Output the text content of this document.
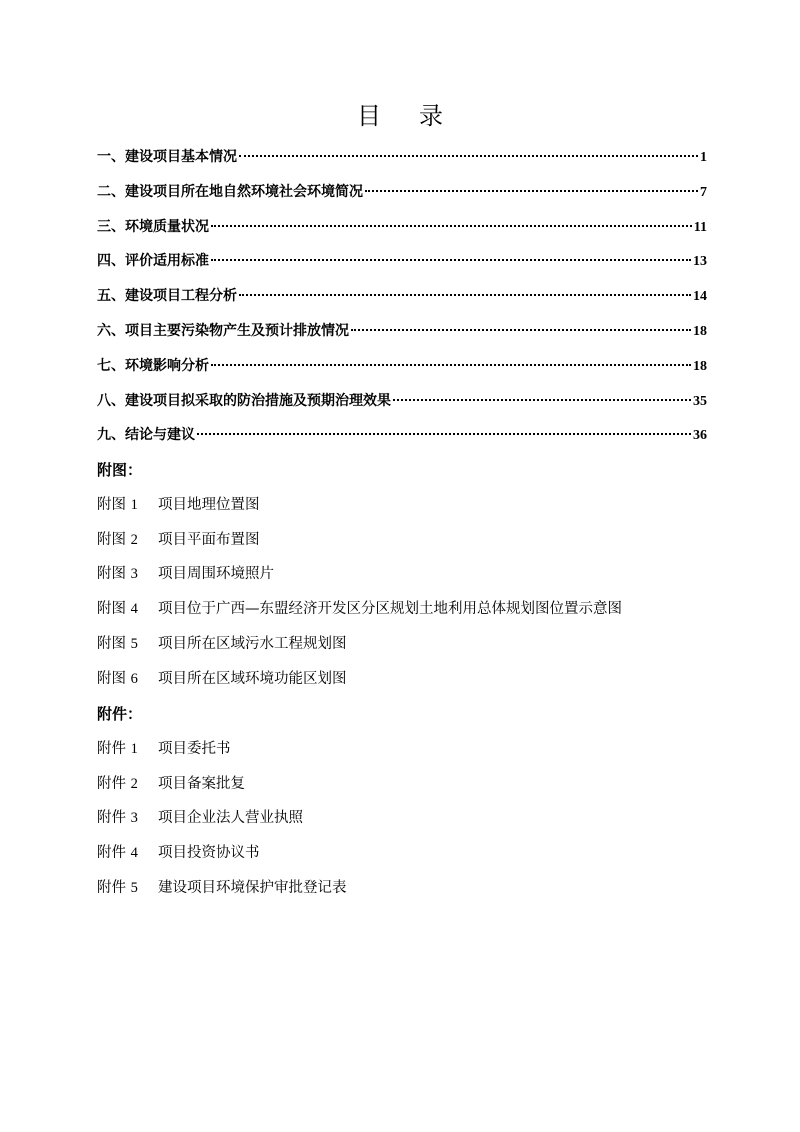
目 录
一、建设项目基本情况	1
二、建设项目所在地自然环境社会环境简况	7
三、环境质量状况	11
四、评价适用标准	13
五、建设项目工程分析	14
六、项目主要污染物产生及预计排放情况	18
七、环境影响分析	18
八、建设项目拟采取的防治措施及预期治理效果	35
九、结论与建议	36
附图：
附图 1 项目地理位置图
附图 2 项目平面布置图
附图 3 项目周围环境照片
附图 4 项目位于广西—东盟经济开发区分区规划土地利用总体规划图位置示意图
附图 5 项目所在区域污水工程规划图
附图 6 项目所在区域环境功能区划图
附件：
附件 1 项目委托书
附件 2 项目备案批复
附件 3 项目企业法人营业执照
附件 4 项目投资协议书
附件 5 建设项目环境保护审批登记表
